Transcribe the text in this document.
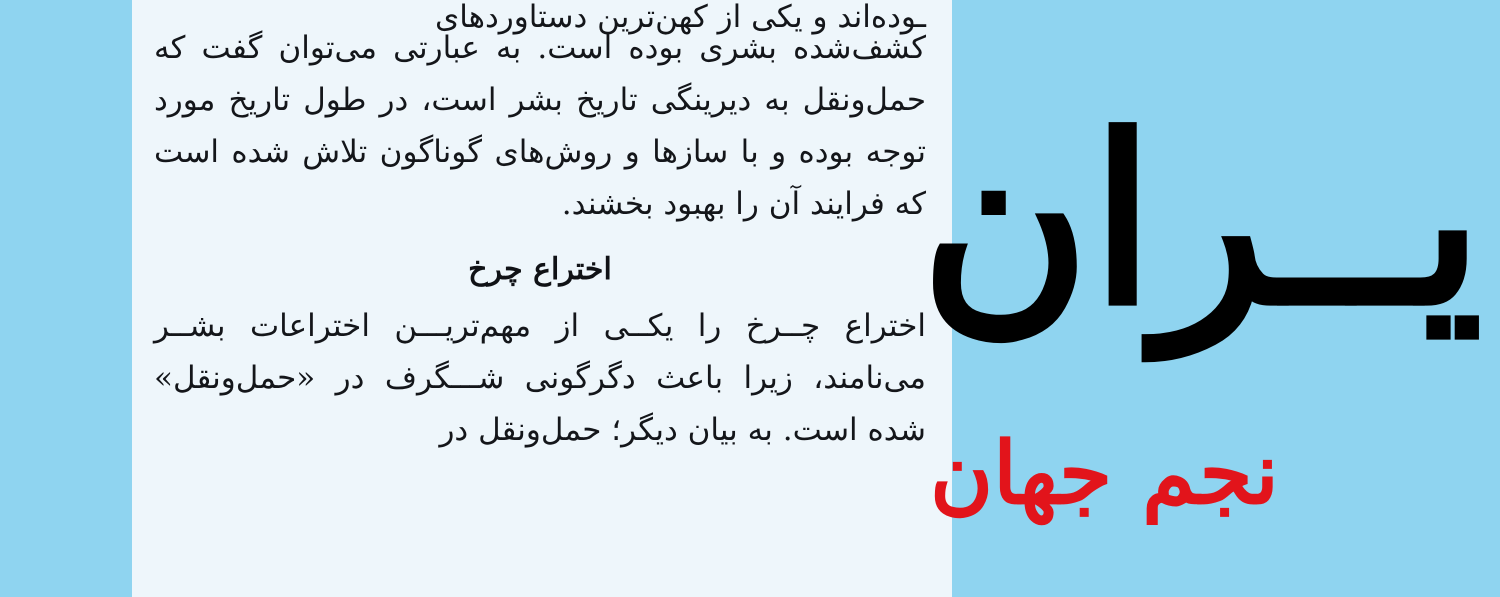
ـوده‌اند و یکی از کهن‌ترین دستاوردهای

کشف‌شده بشری بوده است. به عبارتی می‌توان گفت که حمل‌ونقل به دیرینگی تاریخ بشر است، در طول تاریخ مورد توجه بوده و با سازها و روش‌های گوناگون تلاش شده است که فرایند آن را بهبود بخشند.

اختراع چرخ

اختراع چــرخ را یکــی از مهم‌تریـــن اختراعات بشــر می‌نامند، زیرا باعث دگرگونی شـــگرف در «حمل‌ونقل» شده است. به بیان دیگر؛ حمل‌ونقل در

یــران
نجم جهان
